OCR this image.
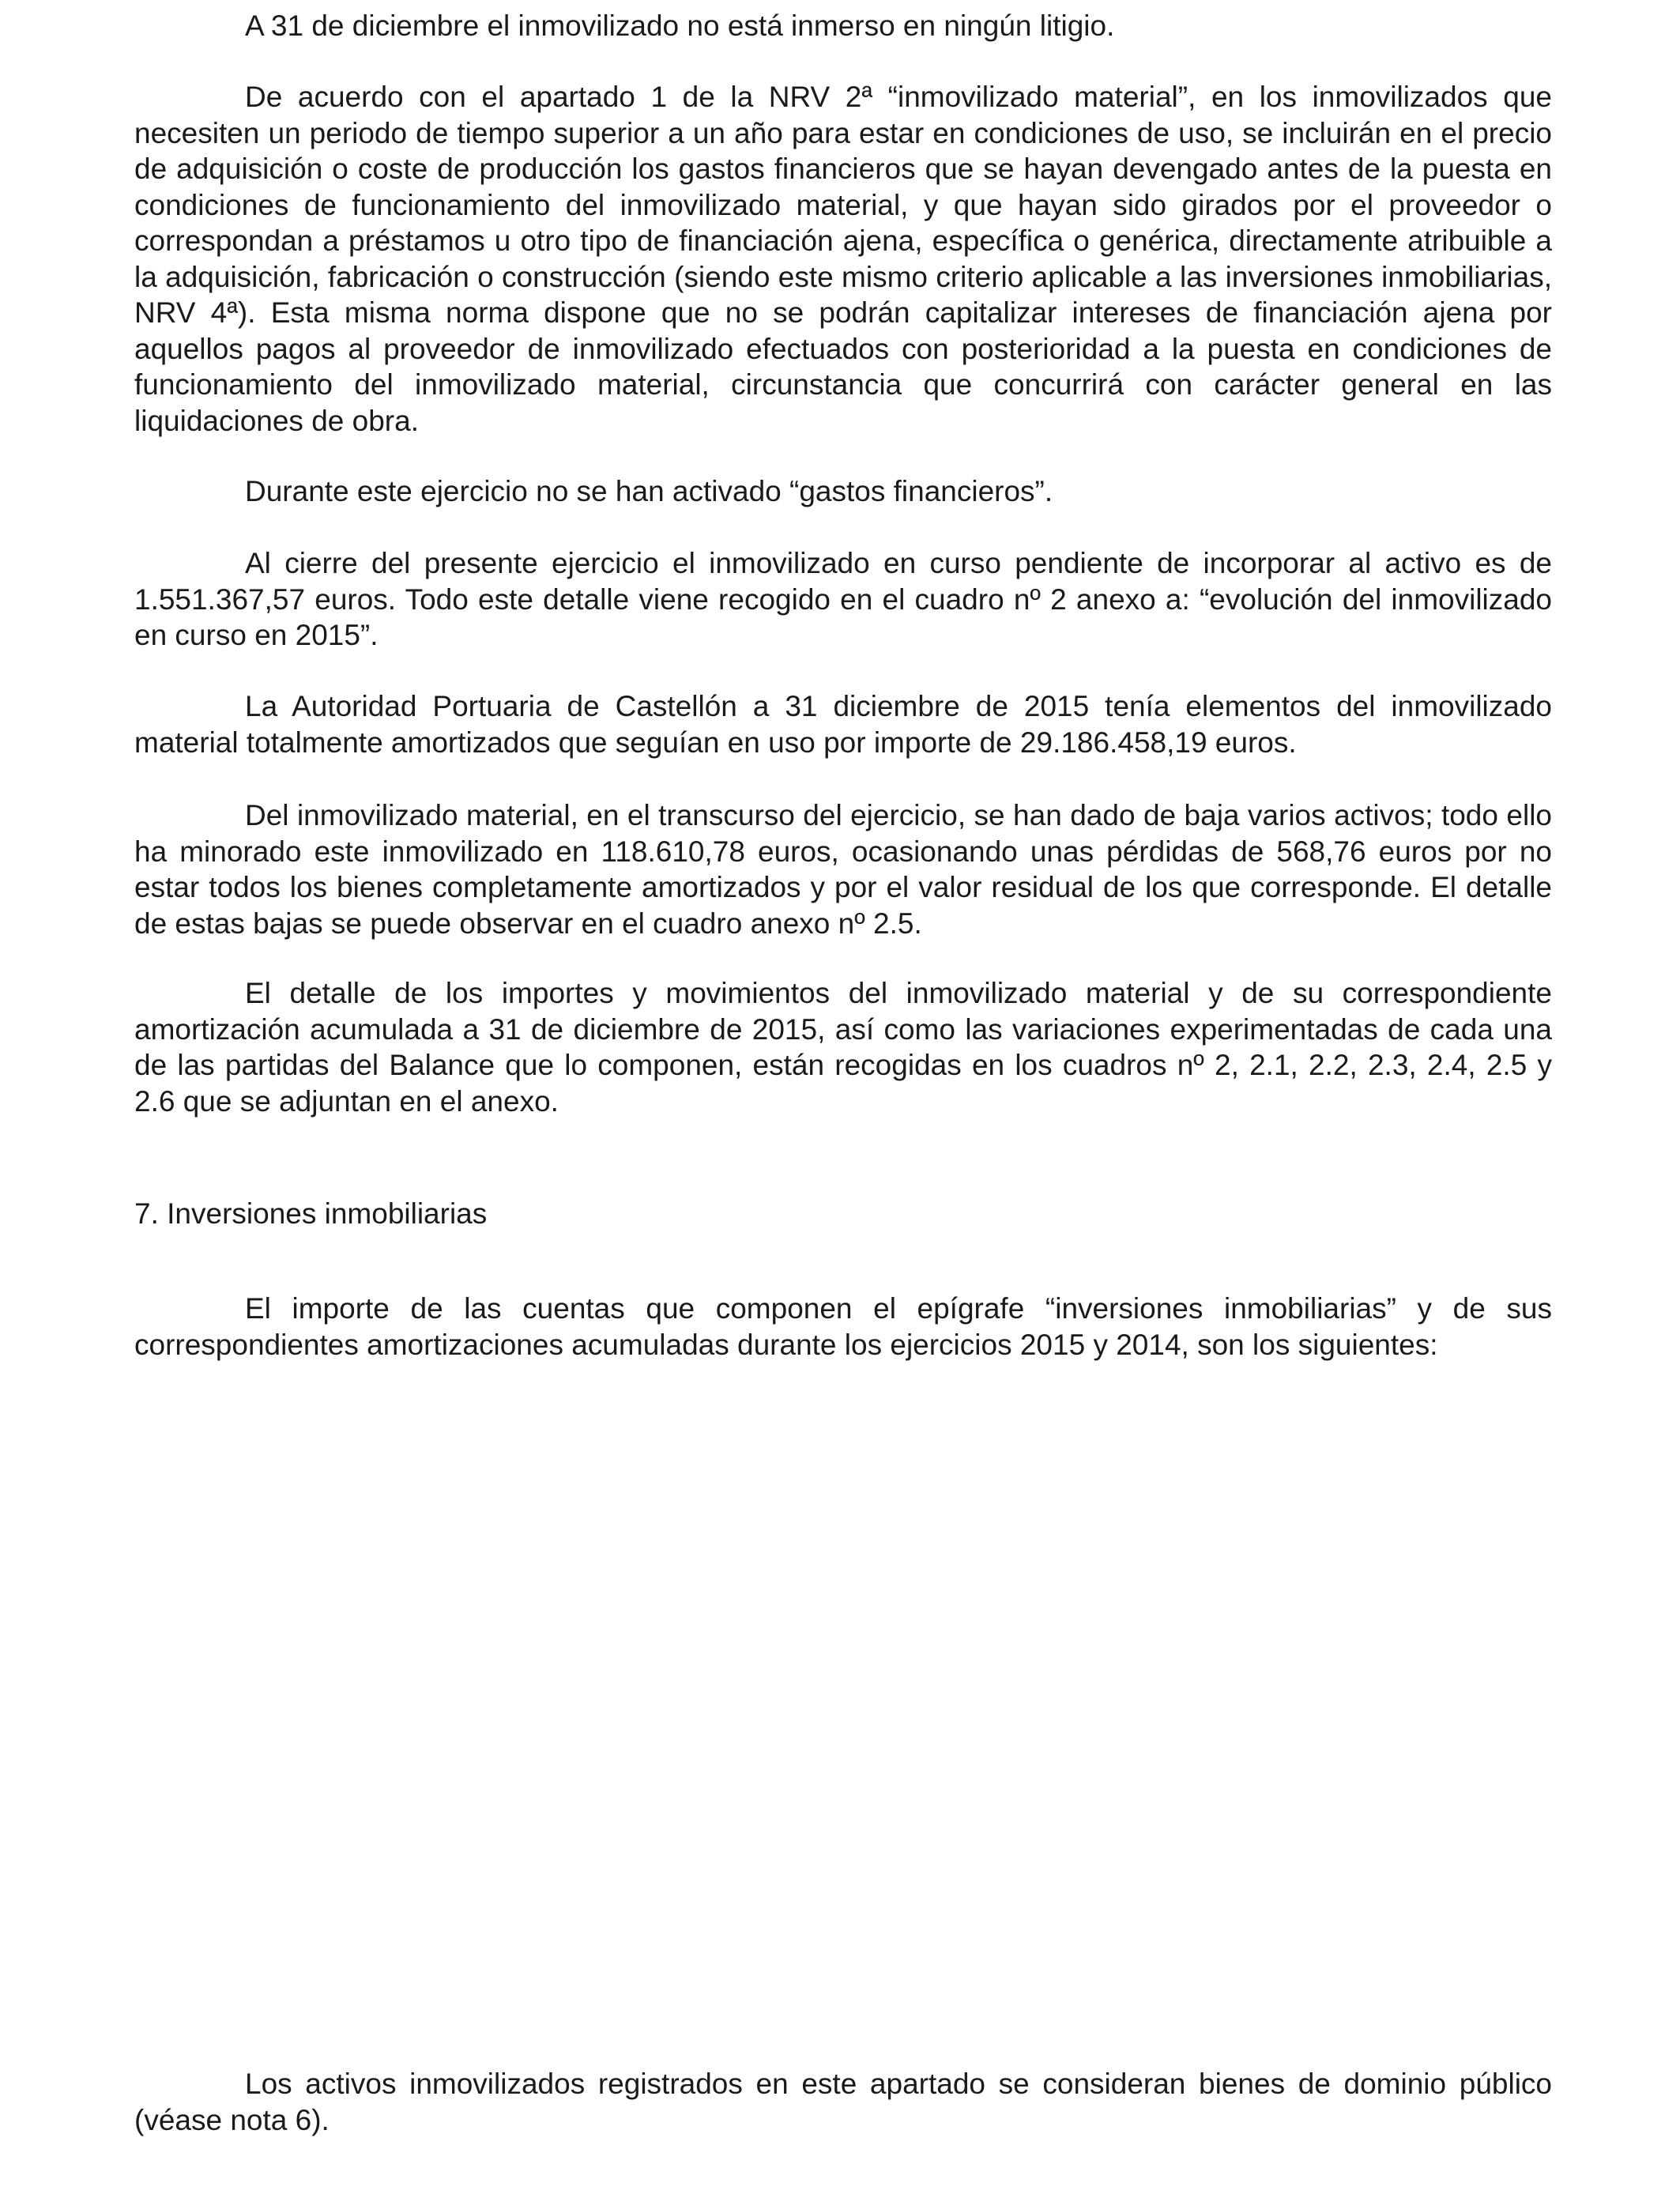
A 31 de diciembre el inmovilizado no está inmerso en ningún litigio.

De acuerdo con el apartado 1 de la NRV 2ª “inmovilizado material”, en los inmovilizados que necesiten un periodo de tiempo superior a un año para estar en condiciones de uso, se incluirán en el precio de adquisición o coste de producción los gastos financieros que se hayan devengado antes de la puesta en condiciones de funcionamiento del inmovilizado material, y que hayan sido girados por el proveedor o correspondan a préstamos u otro tipo de financiación ajena, específica o genérica, directamente atribuible a la adquisición, fabricación o construcción (siendo este mismo criterio aplicable a las inversiones inmobiliarias, NRV 4ª). Esta misma norma dispone que no se podrán capitalizar intereses de financiación ajena por aquellos pagos al proveedor de inmovilizado efectuados con posterioridad a la puesta en condiciones de funcionamiento del inmovilizado material, circunstancia que concurrirá con carácter general en las liquidaciones de obra.

Durante este ejercicio no se han activado “gastos financieros”.

Al cierre del presente ejercicio el inmovilizado en curso pendiente de incorporar al activo es de 1.551.367,57 euros. Todo este detalle viene recogido en el cuadro nº 2 anexo a: “evolución del inmovilizado en curso en 2015”.

La Autoridad Portuaria de Castellón a 31 diciembre de 2015 tenía elementos del inmovilizado material totalmente amortizados que seguían en uso por importe de 29.186.458,19 euros.

Del inmovilizado material, en el transcurso del ejercicio, se han dado de baja varios activos; todo ello ha minorado este inmovilizado en 118.610,78 euros, ocasionando unas pérdidas de 568,76 euros por no estar todos los bienes completamente amortizados y por el valor residual de los que corresponde. El detalle de estas bajas se puede observar en el cuadro anexo nº 2.5.

El detalle de los importes y movimientos del inmovilizado material y de su correspondiente amortización acumulada a 31 de diciembre de 2015, así como las variaciones experimentadas de cada una de las partidas del Balance que lo componen, están recogidas en los cuadros nº 2, 2.1, 2.2, 2.3, 2.4, 2.5 y 2.6 que se adjuntan en el anexo.

7. Inversiones inmobiliarias

El importe de las cuentas que componen el epígrafe “inversiones inmobiliarias” y de sus correspondientes amortizaciones acumuladas durante los ejercicios 2015 y 2014, son los siguientes:

Los activos inmovilizados registrados en este apartado se consideran bienes de dominio público (véase nota 6).
